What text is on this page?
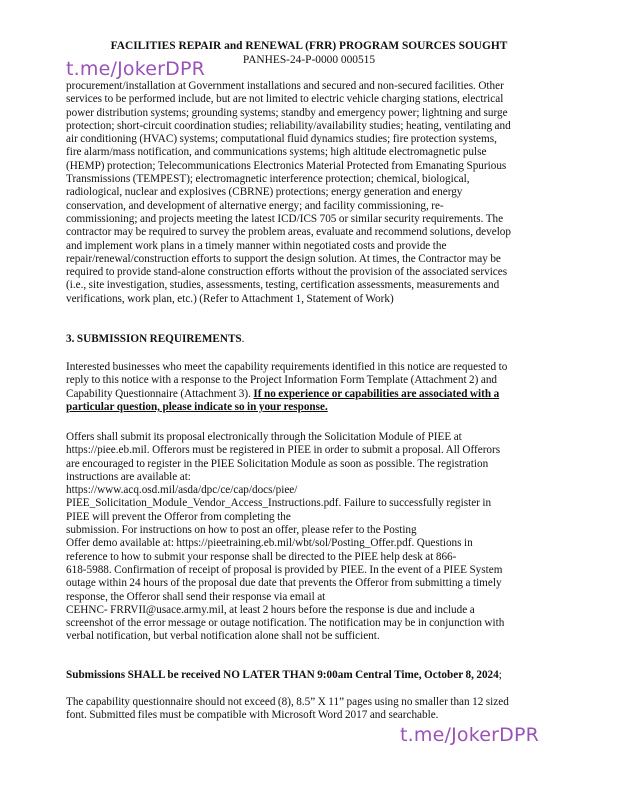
FACILITIES REPAIR and RENEWAL (FRR) PROGRAM SOURCES SOUGHT
PANHES-24-P-0000 000515
t.me/JokerDPR
procurement/installation at Government installations and secured and non-secured facilities. Other
services to be performed include, but are not limited to electric vehicle charging stations, electrical
power distribution systems; grounding systems; standby and emergency power; lightning and surge
protection; short-circuit coordination studies; reliability/availability studies; heating, ventilating and
air conditioning (HVAC) systems; computational fluid dynamics studies; fire protection systems,
fire alarm/mass notification, and communications systems; high altitude electromagnetic pulse
(HEMP) protection; Telecommunications Electronics Material Protected from Emanating Spurious
Transmissions (TEMPEST); electromagnetic interference protection; chemical, biological,
radiological, nuclear and explosives (CBRNE) protections; energy generation and energy
conservation, and development of alternative energy; and facility commissioning, re-
commissioning; and projects meeting the latest ICD/ICS 705 or similar security requirements. The
contractor may be required to survey the problem areas, evaluate and recommend solutions, develop
and implement work plans in a timely manner within negotiated costs and provide the
repair/renewal/construction efforts to support the design solution. At times, the Contractor may be
required to provide stand-alone construction efforts without the provision of the associated services
(i.e., site investigation, studies, assessments, testing, certification assessments, measurements and
verifications, work plan, etc.) (Refer to Attachment 1, Statement of Work)
3. SUBMISSION REQUIREMENTS.
Interested businesses who meet the capability requirements identified in this notice are requested to
reply to this notice with a response to the Project Information Form Template (Attachment 2) and
Capability Questionnaire (Attachment 3). If no experience or capabilities are associated with a
particular question, please indicate so in your response.
Offers shall submit its proposal electronically through the Solicitation Module of PIEE at
https://piee.eb.mil. Offerors must be registered in PIEE in order to submit a proposal. All Offerors
are encouraged to register in the PIEE Solicitation Module as soon as possible. The registration
instructions are available at:
https://www.acq.osd.mil/asda/dpc/ce/cap/docs/piee/
PIEE_Solicitation_Module_Vendor_Access_Instructions.pdf. Failure to successfully register in
PIEE will prevent the Offeror from completing the
submission. For instructions on how to post an offer, please refer to the Posting
Offer demo available at: https://pieetraining.eb.mil/wbt/sol/Posting_Offer.pdf. Questions in
reference to how to submit your response shall be directed to the PIEE help desk at 866-
618-5988. Confirmation of receipt of proposal is provided by PIEE. In the event of a PIEE System
outage within 24 hours of the proposal due date that prevents the Offeror from submitting a timely
response, the Offeror shall send their response via email at
CEHNC- FRRVII@usace.army.mil, at least 2 hours before the response is due and include a
screenshot of the error message or outage notification. The notification may be in conjunction with
verbal notification, but verbal notification alone shall not be sufficient.
Submissions SHALL be received NO LATER THAN 9:00am Central Time, October 8, 2024;
The capability questionnaire should not exceed (8), 8.5” X 11” pages using no smaller than 12 sized
font. Submitted files must be compatible with Microsoft Word 2017 and searchable.
t.me/JokerDPR
